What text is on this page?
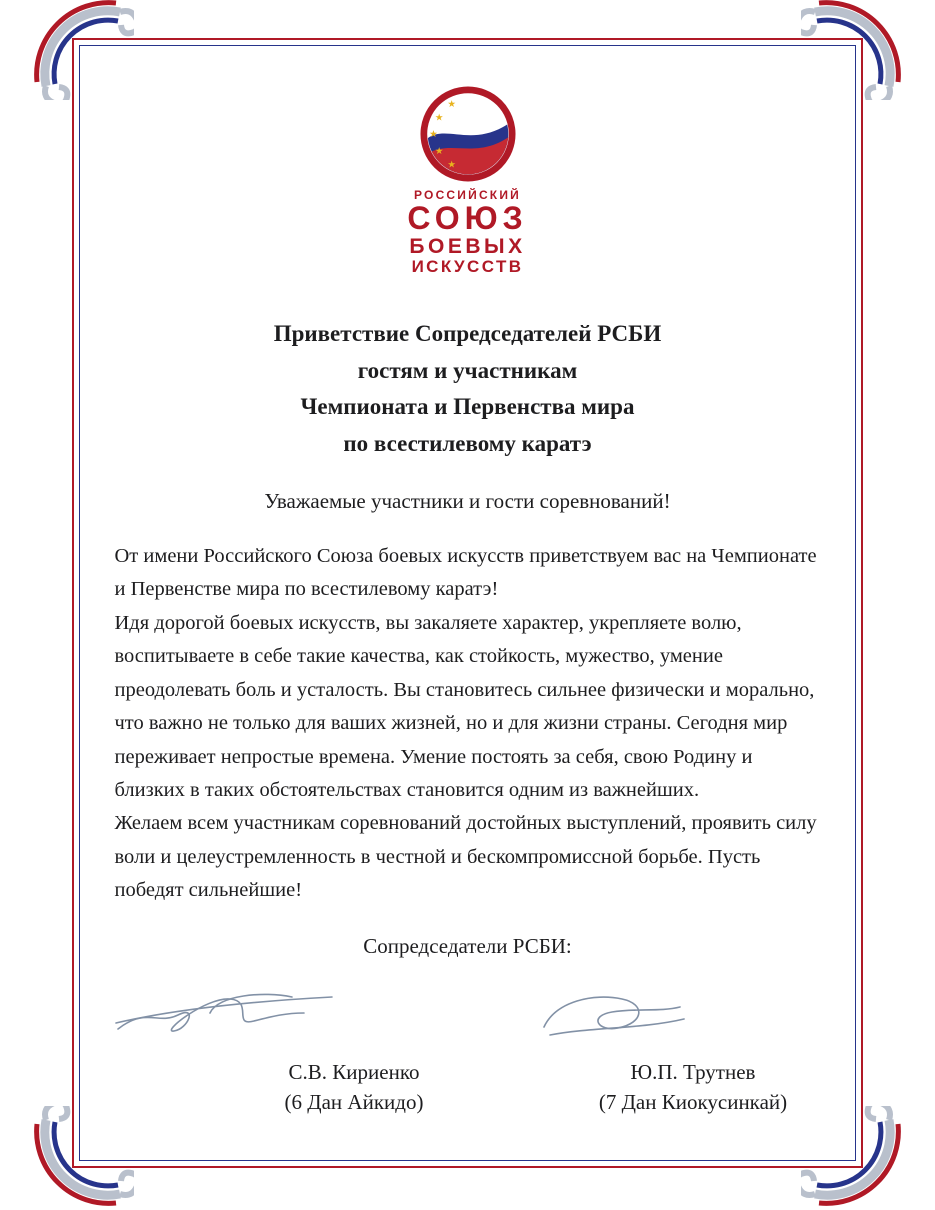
★
★
★
★
★
РОССИЙСКИЙ
СОЮЗ
БОЕВЫХ
ИСКУССТВ
Приветствие Сопредседателей РСБИ
гостям и участникам
Чемпионата и Первенства мира
по всестилевому каратэ
Уважаемые участники и гости соревнований!

От имени Российского Союза боевых искусств приветствуем вас на Чемпионате и Первенстве мира по всестилевому каратэ!

Идя дорогой боевых искусств, вы закаляете характер, укрепляете волю, воспитываете в себе такие качества, как стойкость, мужество, умение преодолевать боль и усталость. Вы становитесь сильнее физически и морально, что важно не только для ваших жизней, но и для жизни страны. Сегодня мир переживает непростые времена. Умение постоять за себя, свою Родину и близких в таких обстоятельствах становится одним из важнейших.

Желаем всем участникам соревнований достойных выступлений, проявить силу воли и целеустремленность в честной и бескомпромиссной борьбе. Пусть победят сильнейшие!

Сопредседатели РСБИ:
С.В. Кириенко
(6 Дан Айкидо)
Ю.П. Трутнев
(7 Дан Киокусинкай)
